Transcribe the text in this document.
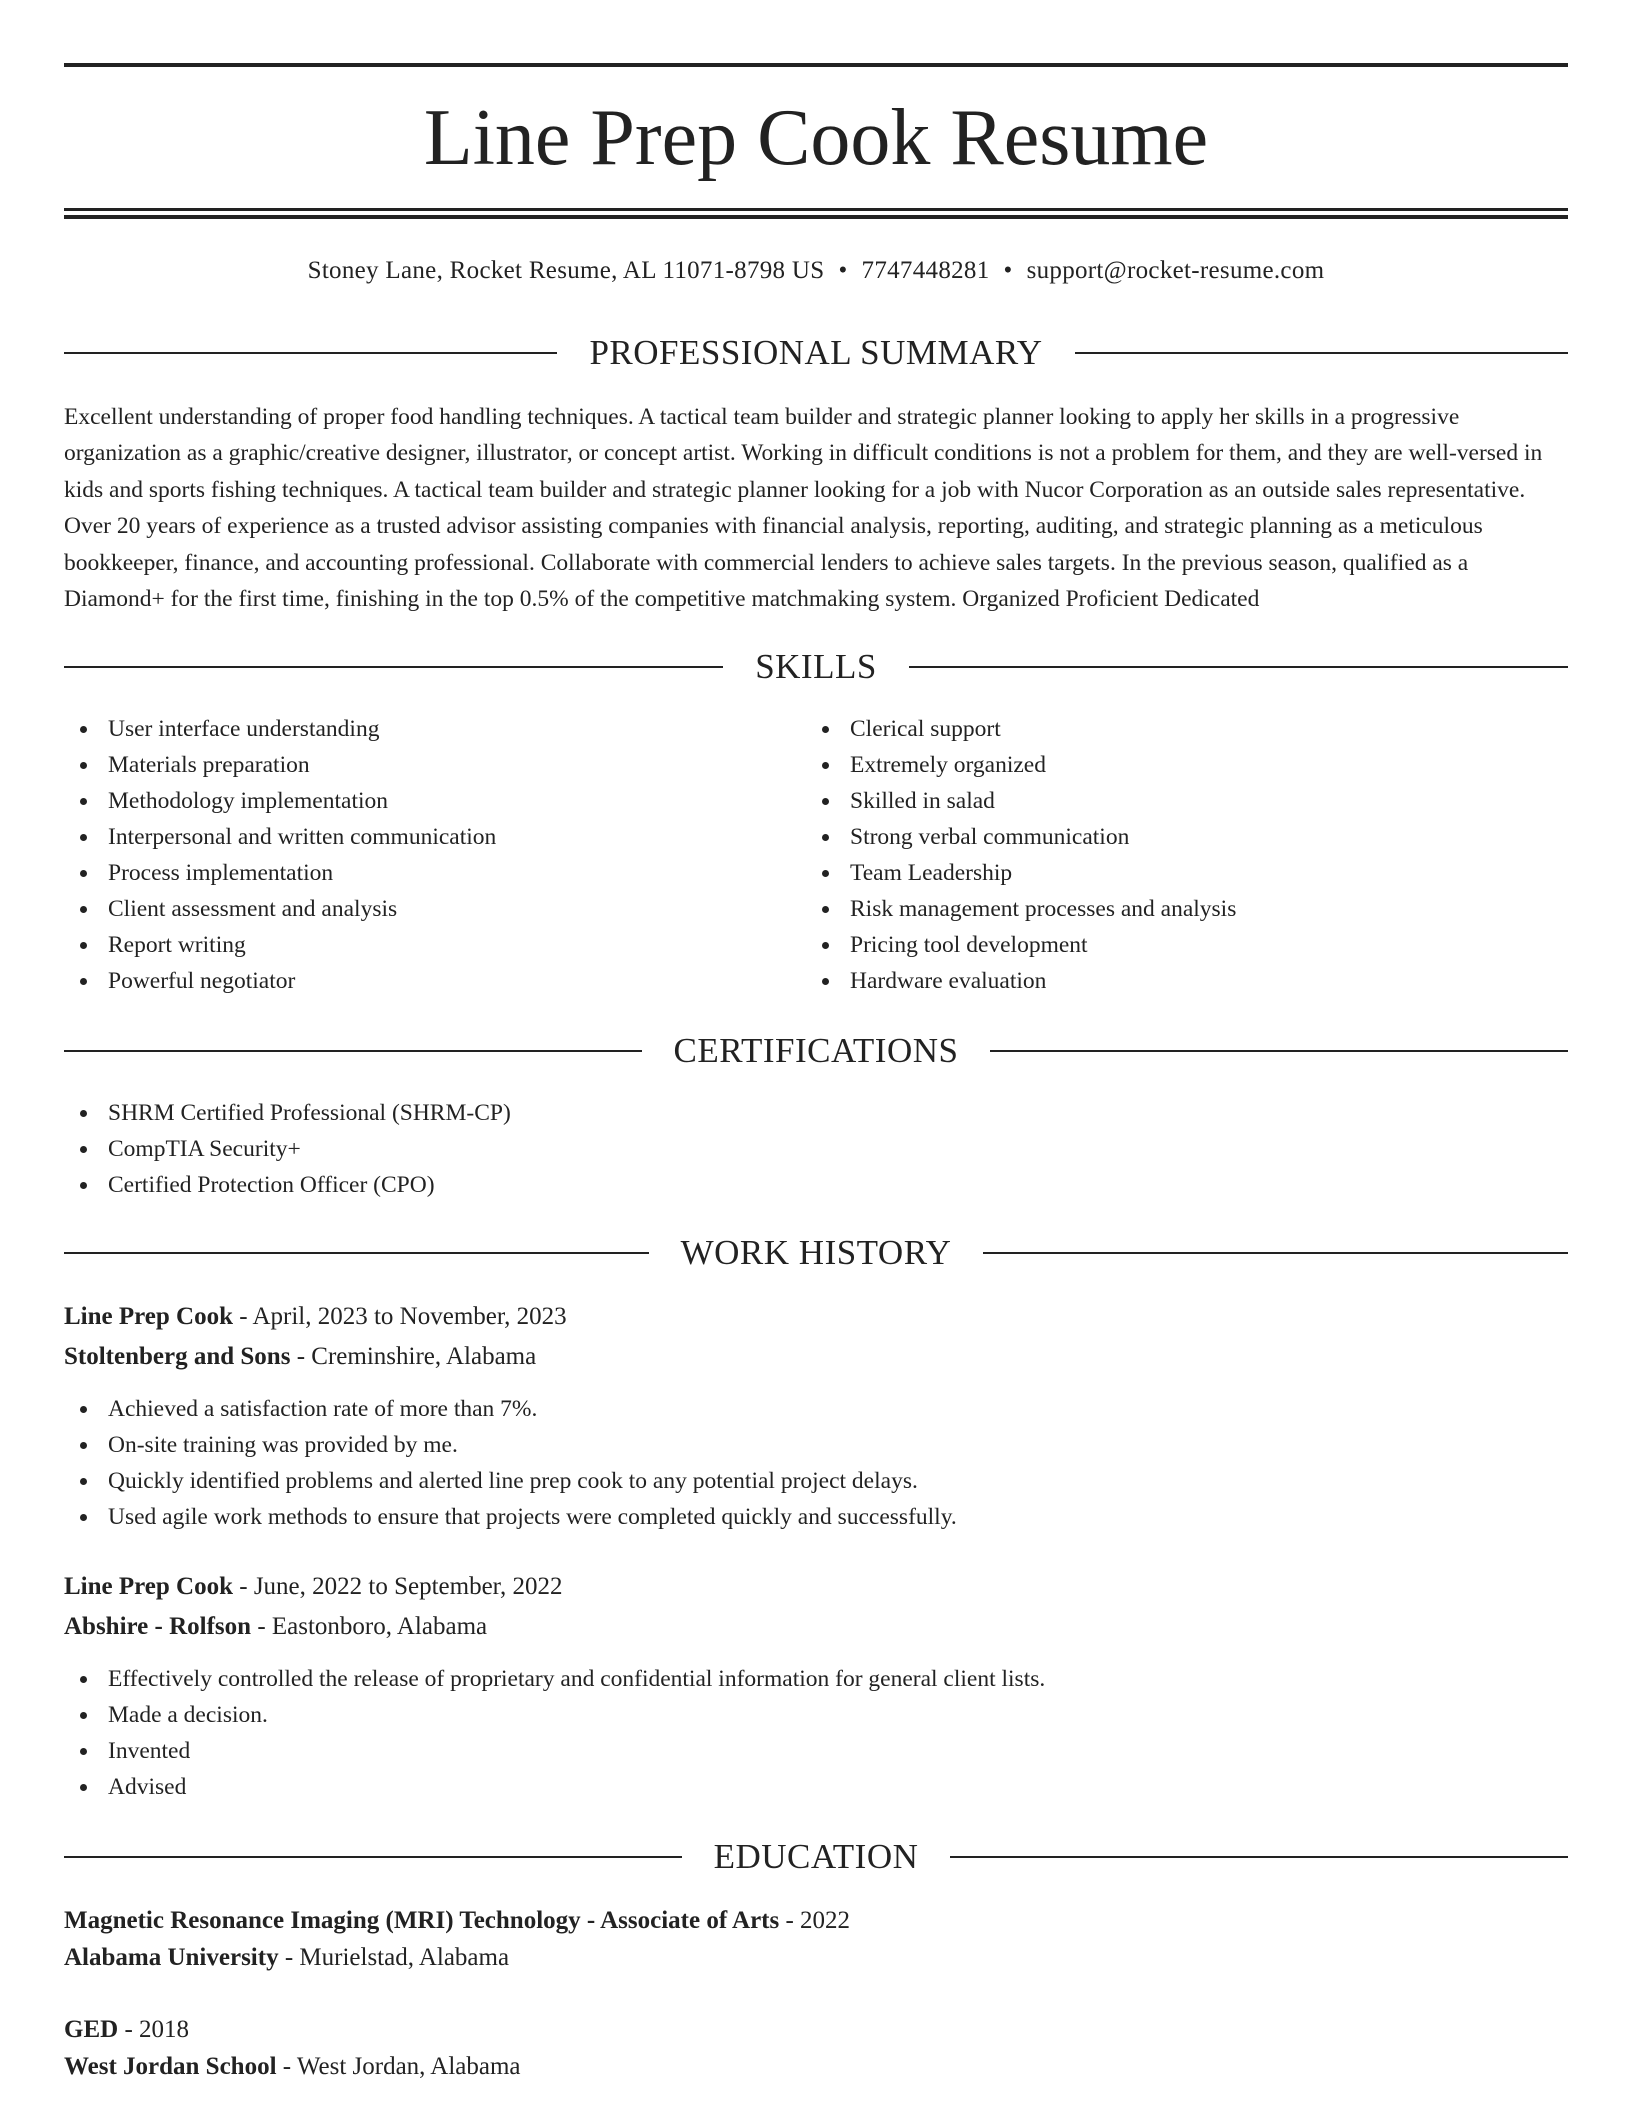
Line Prep Cook Resume
Stoney Lane, Rocket Resume, AL 11071-8798 US • 7747448281 • support@rocket-resume.com
PROFESSIONAL SUMMARY

Excellent understanding of proper food handling techniques. A tactical team builder and strategic planner looking to apply her skills in a progressive organization as a graphic/creative designer, illustrator, or concept artist. Working in difficult conditions is not a problem for them, and they are well-versed in kids and sports fishing techniques. A tactical team builder and strategic planner looking for a job with Nucor Corporation as an outside sales representative. Over 20 years of experience as a trusted advisor assisting companies with financial analysis, reporting, auditing, and strategic planning as a meticulous bookkeeper, finance, and accounting professional. Collaborate with commercial lenders to achieve sales targets. In the previous season, qualified as a Diamond+ for the first time, finishing in the top 0.5% of the competitive matchmaking system. Organized Proficient Dedicated

SKILLS
User interface understanding
Materials preparation
Methodology implementation
Interpersonal and written communication
Process implementation
Client assessment and analysis
Report writing
Powerful negotiator
Clerical support
Extremely organized
Skilled in salad
Strong verbal communication
Team Leadership
Risk management processes and analysis
Pricing tool development
Hardware evaluation
CERTIFICATIONS
SHRM Certified Professional (SHRM-CP)
CompTIA Security+
Certified Protection Officer (CPO)
WORK HISTORY
Line Prep Cook - April, 2023 to November, 2023
Stoltenberg and Sons - Creminshire, Alabama
Achieved a satisfaction rate of more than 7%.
On-site training was provided by me.
Quickly identified problems and alerted line prep cook to any potential project delays.
Used agile work methods to ensure that projects were completed quickly and successfully.
Line Prep Cook - June, 2022 to September, 2022
Abshire - Rolfson - Eastonboro, Alabama
Effectively controlled the release of proprietary and confidential information for general client lists.
Made a decision.
Invented
Advised
EDUCATION
Magnetic Resonance Imaging (MRI) Technology - Associate of Arts - 2022
Alabama University - Murielstad, Alabama
GED - 2018
West Jordan School - West Jordan, Alabama
